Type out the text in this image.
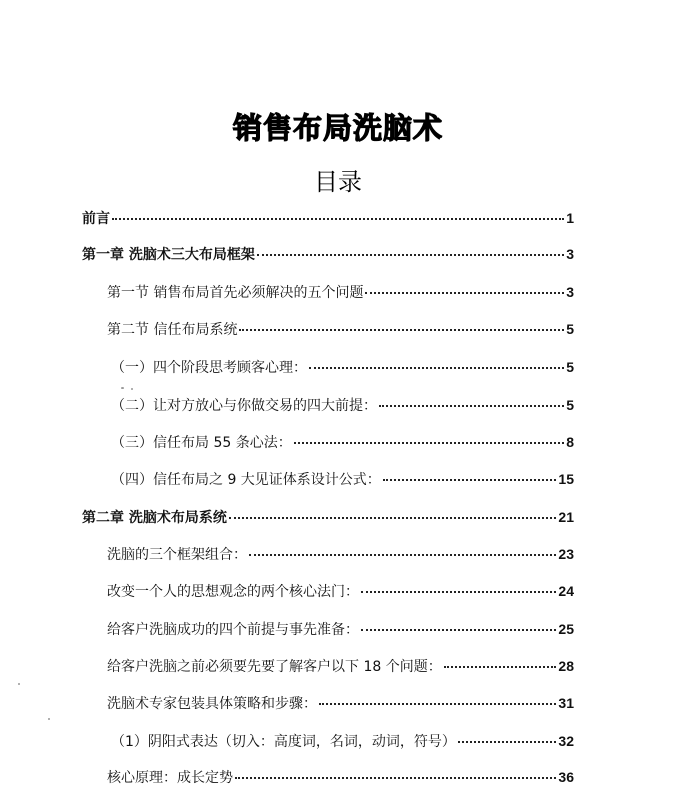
销售布局洗脑术
目录
前言	1
第一章 洗脑术三大布局框架	3
第一节 销售布局首先必须解决的五个问题	3
第二节 信任布局系统	5
（一）四个阶段思考顾客心理：	5
（二）让对方放心与你做交易的四大前提：	5
（三）信任布局 55 条心法：	8
（四）信任布局之 9 大见证体系设计公式：	15
第二章 洗脑术布局系统	21
洗脑的三个框架组合：	23
改变一个人的思想观念的两个核心法门：	24
给客户洗脑成功的四个前提与事先准备：	25
给客户洗脑之前必须要先要了解客户以下 18 个问题：	28
洗脑术专家包装具体策略和步骤：	31
（1）阴阳式表达（切入：高度词，名词，动词，符号）	32
核心原理：成长定势	36
